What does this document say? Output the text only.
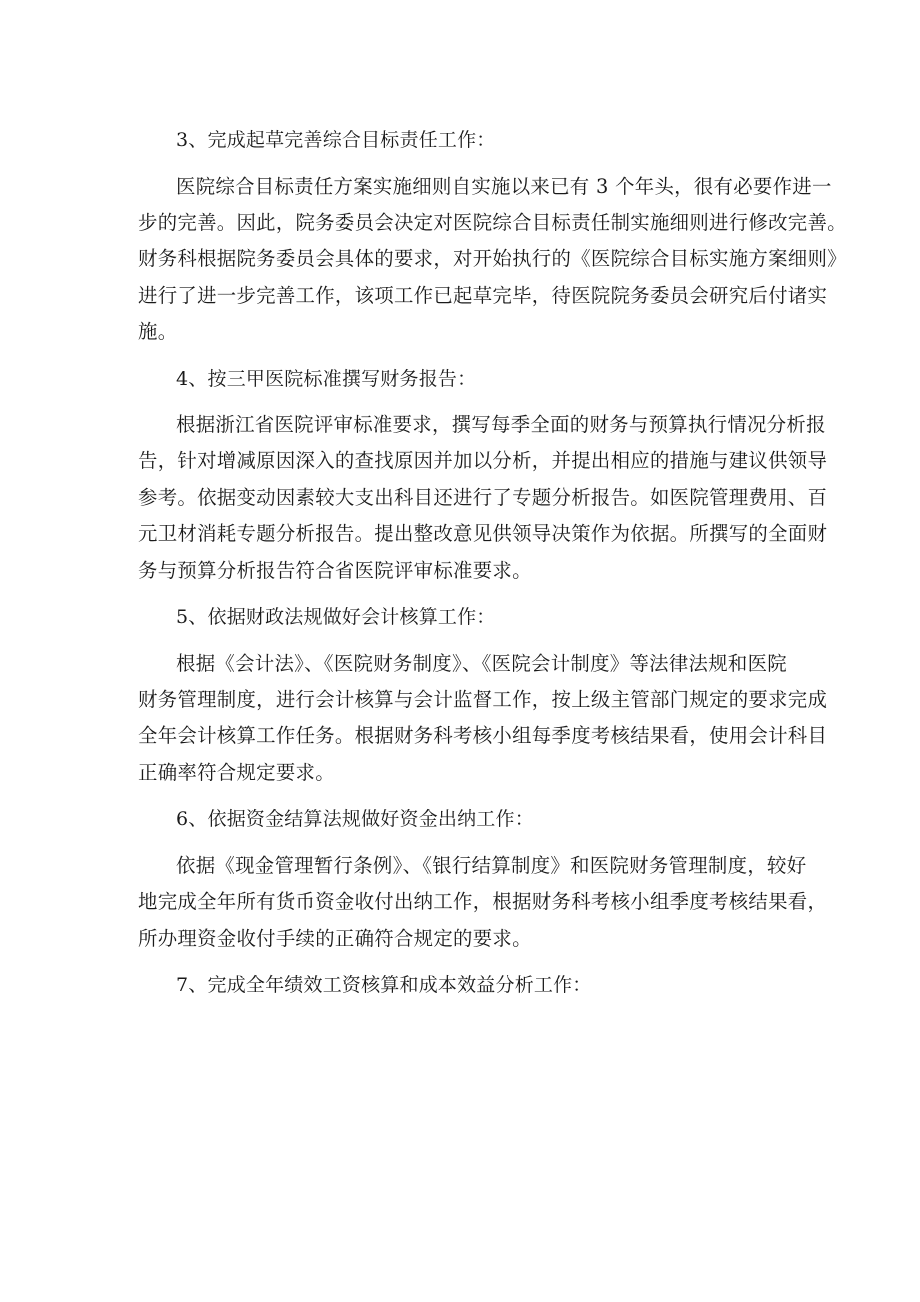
3、完成起草完善综合目标责任工作：

医院综合目标责任方案实施细则自实施以来已有 3 个年头，很有必要作进一
步的完善。因此，院务委员会决定对医院综合目标责任制实施细则进行修改完善。
财务科根据院务委员会具体的要求，对开始执行的《医院综合目标实施方案细则》
进行了进一步完善工作，该项工作已起草完毕，待医院院务委员会研究后付诸实
施。

4、按三甲医院标准撰写财务报告：

根据浙江省医院评审标准要求，撰写每季全面的财务与预算执行情况分析报
告，针对增减原因深入的查找原因并加以分析，并提出相应的措施与建议供领导
参考。依据变动因素较大支出科目还进行了专题分析报告。如医院管理费用、百
元卫材消耗专题分析报告。提出整改意见供领导决策作为依据。所撰写的全面财
务与预算分析报告符合省医院评审标准要求。

5、依据财政法规做好会计核算工作：

根据《会计法》、《医院财务制度》、《医院会计制度》等法律法规和医院
财务管理制度，进行会计核算与会计监督工作，按上级主管部门规定的要求完成
全年会计核算工作任务。根据财务科考核小组每季度考核结果看，使用会计科目
正确率符合规定要求。

6、依据资金结算法规做好资金出纳工作：

依据《现金管理暂行条例》、《银行结算制度》和医院财务管理制度，较好
地完成全年所有货币资金收付出纳工作，根据财务科考核小组季度考核结果看，
所办理资金收付手续的正确符合规定的要求。

7、完成全年绩效工资核算和成本效益分析工作：
